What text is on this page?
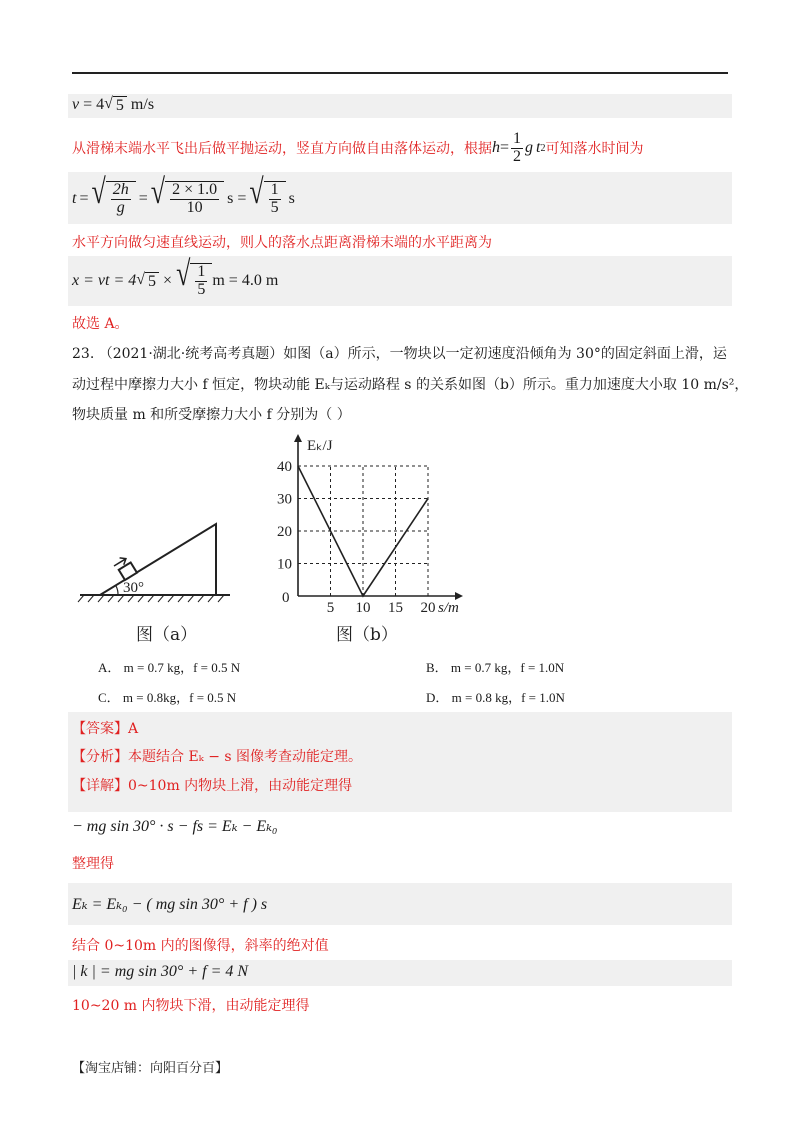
v = 4 √ 5 m/s
从滑梯末端水平飞出后做平抛运动，竖直方向做自由落体运动，根据 $h = \frac{1}{2}$ g t 2 可知落水时间为
t = √ $\frac{2h}{g}$ = √ $\frac{2 \times 1.0}{10}$ s = √ $\frac{1}{5}$ s
水平方向做匀速直线运动，则人的落水点距离滑梯末端的水平距离为
x = vt = 4 √ 5 × √ $\frac{1}{5}$ m = 4.0 m
故选 A。
23. （2021·湖北·统考高考真题）如图（a）所示，一物块以一定初速度沿倾角为 30°的固定斜面上滑，运
动过程中摩擦力大小 f 恒定，物块动能 Eₖ与运动路程 s 的关系如图（b）所示。重力加速度大小取 10 m/s²，
物块质量 m 和所受摩擦力大小 f 分别为（ ）
30°
图（a）
10
20
30
40
5 10 15 20
Eₖ/J
s/m
0
图（b）
A． m = 0.7 kg，f = 0.5 N	B． m = 0.7 kg，f = 1.0N
C． m = 0.8kg，f = 0.5 N	D． m = 0.8 kg，f = 1.0N
【答案】A
【分析】本题结合 Eₖ − s 图像考查动能定理。
【详解】0~10m 内物块上滑，由动能定理得
− mg sin 30° · s − fs = Eₖ − Eₖ₀
整理得
Eₖ = Eₖ₀ − ( mg sin 30° + f ) s
结合 0~10m 内的图像得，斜率的绝对值
| k | = mg sin 30° + f = 4 N
10~20 m 内物块下滑，由动能定理得
【淘宝店铺：向阳百分百】
